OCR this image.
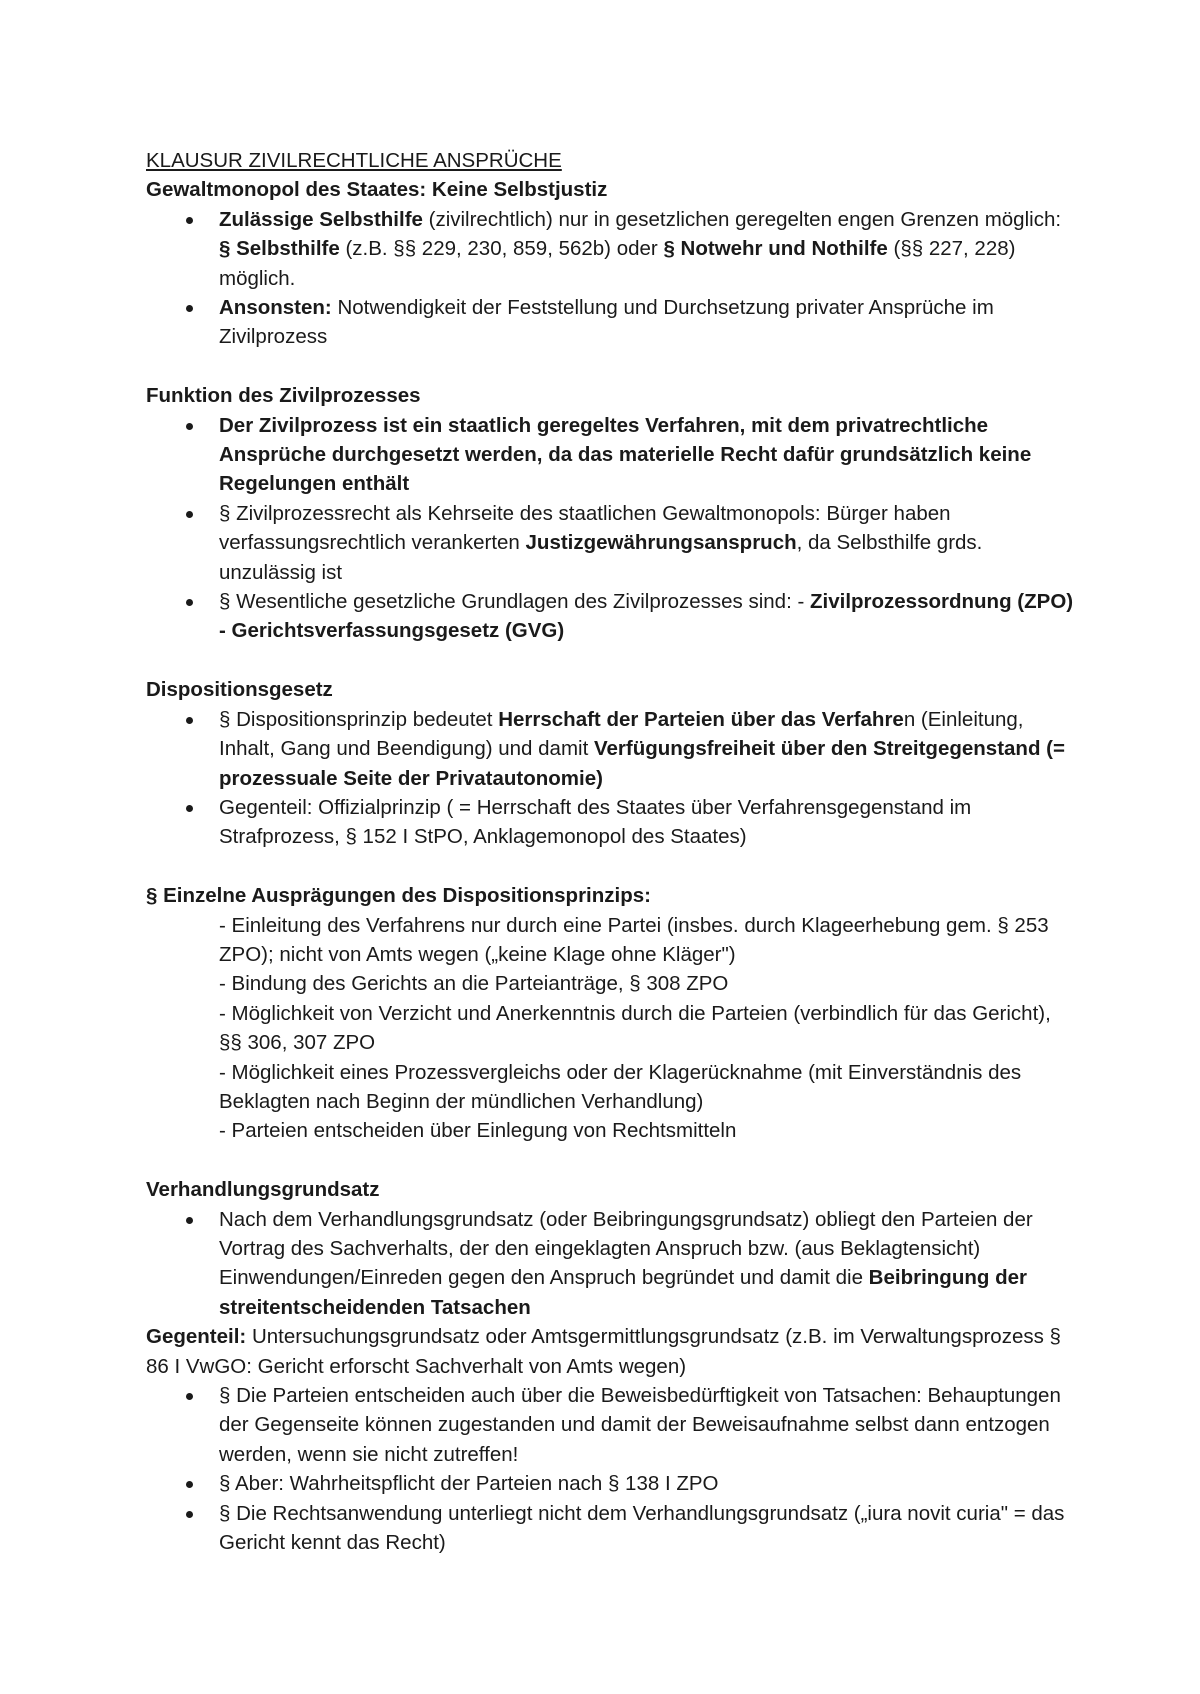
KLAUSUR ZIVILRECHTLICHE ANSPRÜCHE
Gewaltmonopol des Staates: Keine Selbstjustiz
Zulässige Selbsthilfe (zivilrechtlich) nur in gesetzlichen geregelten engen Grenzen möglich: § Selbsthilfe (z.B. §§ 229, 230, 859, 562b) oder § Notwehr und Nothilfe (§§ 227, 228) möglich.
Ansonsten: Notwendigkeit der Feststellung und Durchsetzung privater Ansprüche im Zivilprozess
Funktion des Zivilprozesses
Der Zivilprozess ist ein staatlich geregeltes Verfahren, mit dem privatrechtliche Ansprüche durchgesetzt werden, da das materielle Recht dafür grundsätzlich keine Regelungen enthält
§ Zivilprozessrecht als Kehrseite des staatlichen Gewaltmonopols: Bürger haben verfassungsrechtlich verankerten Justizgewährungsanspruch, da Selbsthilfe grds. unzulässig ist
§ Wesentliche gesetzliche Grundlagen des Zivilprozesses sind: - Zivilprozessordnung (ZPO) - Gerichtsverfassungsgesetz (GVG)
Dispositionsgesetz
§ Dispositionsprinzip bedeutet Herrschaft der Parteien über das Verfahren (Einleitung, Inhalt, Gang und Beendigung) und damit Verfügungsfreiheit über den Streitgegenstand (= prozessuale Seite der Privatautonomie)
Gegenteil: Offizialprinzip ( = Herrschaft des Staates über Verfahrensgegenstand im Strafprozess, § 152 I StPO, Anklagemonopol des Staates)
§ Einzelne Ausprägungen des Dispositionsprinzips:
- Einleitung des Verfahrens nur durch eine Partei (insbes. durch Klageerhebung gem. § 253 ZPO); nicht von Amts wegen („keine Klage ohne Kläger")
- Bindung des Gerichts an die Parteianträge, § 308 ZPO
- Möglichkeit von Verzicht und Anerkenntnis durch die Parteien (verbindlich für das Gericht), §§ 306, 307 ZPO
- Möglichkeit eines Prozessvergleichs oder der Klagerücknahme (mit Einverständnis des Beklagten nach Beginn der mündlichen Verhandlung)
- Parteien entscheiden über Einlegung von Rechtsmitteln
Verhandlungsgrundsatz
Nach dem Verhandlungsgrundsatz (oder Beibringungsgrundsatz) obliegt den Parteien der Vortrag des Sachverhalts, der den eingeklagten Anspruch bzw. (aus Beklagtensicht) Einwendungen/Einreden gegen den Anspruch begründet und damit die Beibringung der streitentscheidenden Tatsachen
Gegenteil: Untersuchungsgrundsatz oder Amtsgermittlungsgrundsatz (z.B. im Verwaltungsprozess § 86 I VwGO: Gericht erforscht Sachverhalt von Amts wegen)
§ Die Parteien entscheiden auch über die Beweisbedürftigkeit von Tatsachen: Behauptungen der Gegenseite können zugestanden und damit der Beweisaufnahme selbst dann entzogen werden, wenn sie nicht zutreffen!
§ Aber: Wahrheitspflicht der Parteien nach § 138 I ZPO
§ Die Rechtsanwendung unterliegt nicht dem Verhandlungsgrundsatz („iura novit curia" = das Gericht kennt das Recht)
